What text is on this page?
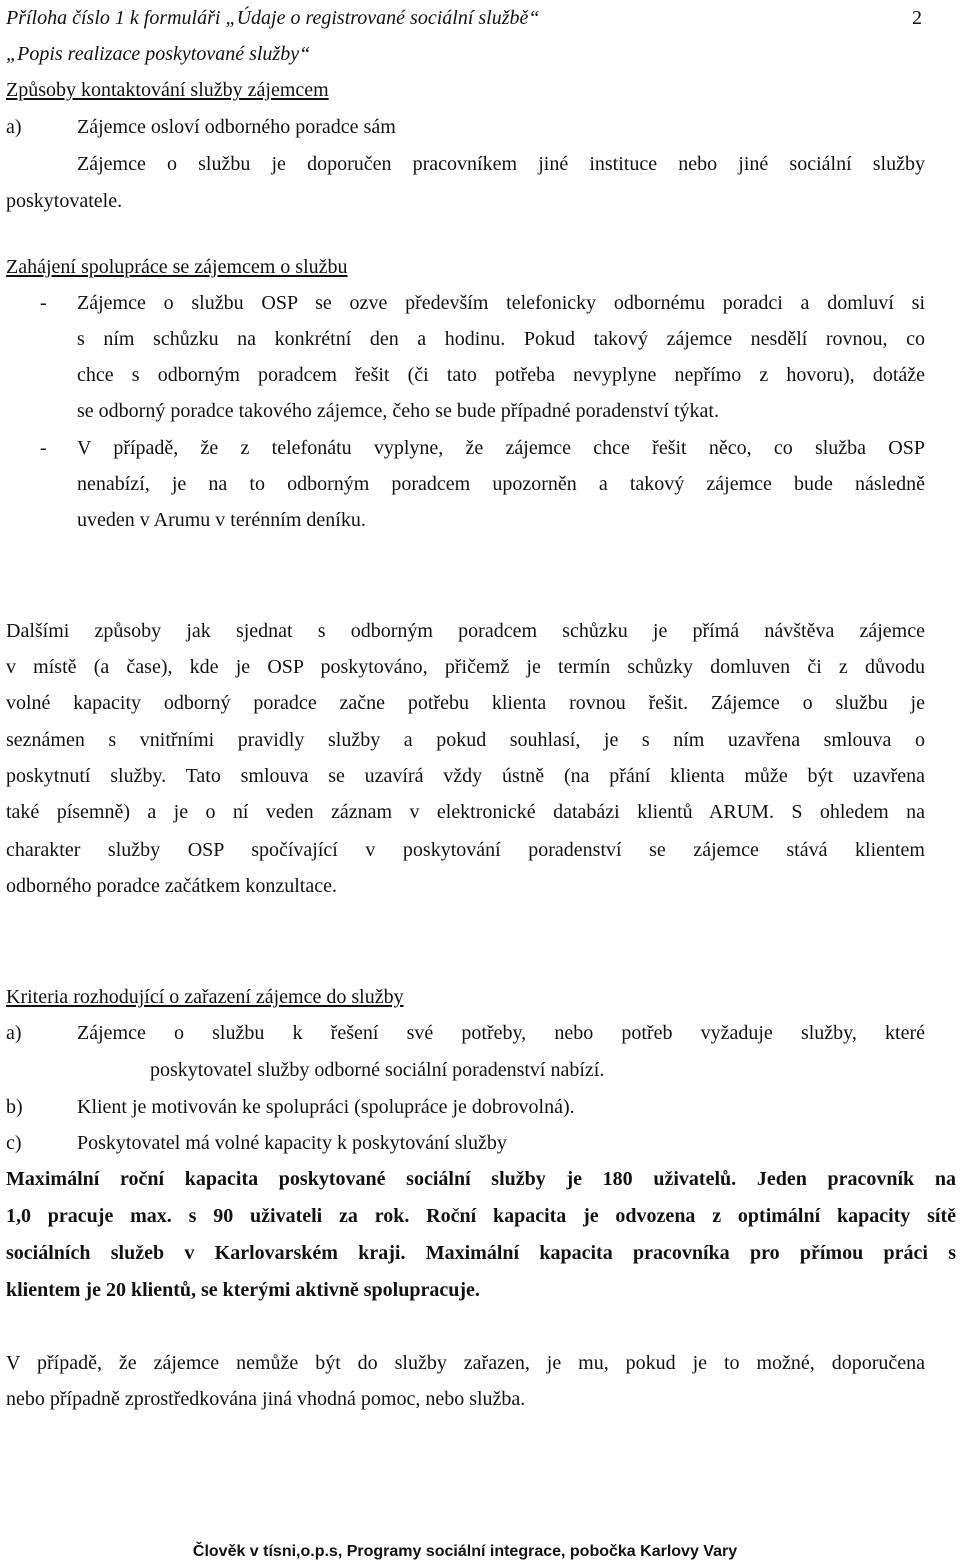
Příloha číslo 1 k formuláři „Údaje o registrované sociální službě“	2
„Popis realizace poskytované služby“
Způsoby kontaktování služby zájemcem
a)	Zájemce osloví odborného poradce sám
Zájemce o službu je doporučen pracovníkem jiné instituce nebo jiné sociální služby
poskytovatele.
Zahájení spolupráce se zájemcem o službu
- Zájemce o službu OSP se ozve především telefonicky odbornému poradci a domluví si
s ním schůzku na konkrétní den a hodinu. Pokud takový zájemce nesdělí rovnou, co
chce s odborným poradcem řešit (či tato potřeba nevyplyne nepřímo z hovoru), dotáže
se odborný poradce takového zájemce, čeho se bude případné poradenství týkat.
- V případě, že z telefonátu vyplyne, že zájemce chce řešit něco, co služba OSP
nenabízí, je na to odborným poradcem upozorněn a takový zájemce bude následně
uveden v Arumu v terénním deníku.
Dalšími způsoby jak sjednat s odborným poradcem schůzku je přímá návštěva zájemce
v místě (a čase), kde je OSP poskytováno, přičemž je termín schůzky domluven či z důvodu
volné kapacity odborný poradce začne potřebu klienta rovnou řešit. Zájemce o službu je
seznámen s vnitřními pravidly služby a pokud souhlasí, je s ním uzavřena smlouva o
poskytnutí služby. Tato smlouva se uzavírá vždy ústně (na přání klienta může být uzavřena
také písemně) a je o ní veden záznam v elektronické databázi klientů ARUM. S ohledem na
charakter služby OSP spočívající v poskytování poradenství se zájemce stává klientem
odborného poradce začátkem konzultace.
Kriteria rozhodující o zařazení zájemce do služby
a)	Zájemce o službu k řešení své potřeby, nebo potřeb vyžaduje služby, které
poskytovatel služby odborné sociální poradenství nabízí.
b)	Klient je motivován ke spolupráci (spolupráce je dobrovolná).
c)	Poskytovatel má volné kapacity k poskytování služby
Maximální roční kapacita poskytované sociální služby je 180 uživatelů. Jeden pracovník na
1,0 pracuje max. s 90 uživateli za rok. Roční kapacita je odvozena z optimální kapacity sítě
sociálních služeb v Karlovarském kraji. Maximální kapacita pracovníka pro přímou práci s
klientem je 20 klientů, se kterými aktivně spolupracuje.
V případě, že zájemce nemůže být do služby zařazen, je mu, pokud je to možné, doporučena
nebo případně zprostředkována jiná vhodná pomoc, nebo služba.
Člověk v tísni,o.p.s, Programy sociální integrace, pobočka Karlovy Vary
